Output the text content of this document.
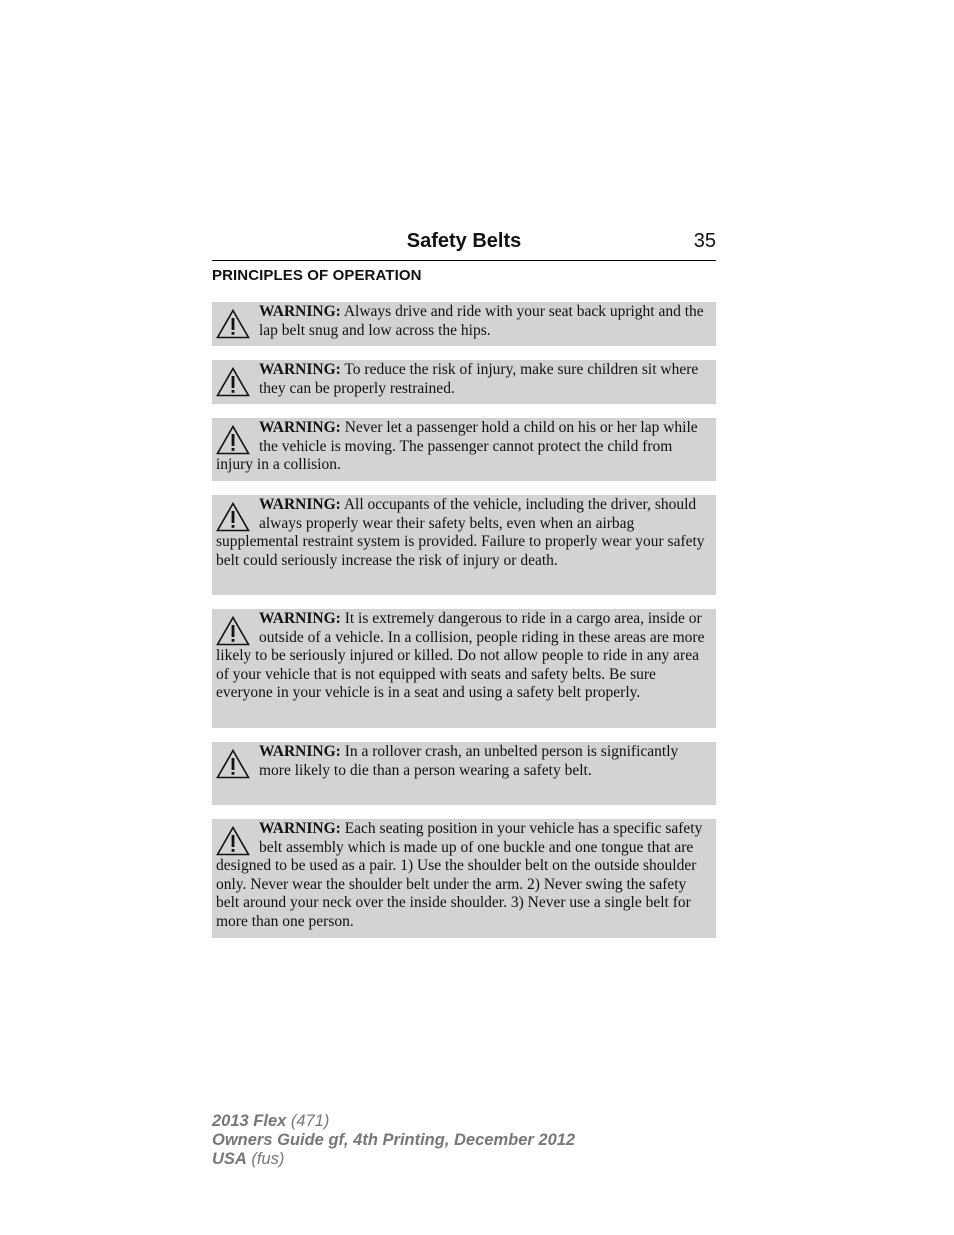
Safety Belts	35
PRINCIPLES OF OPERATION
WARNING: Always drive and ride with your seat back upright and the lap belt snug and low across the hips.
WARNING: To reduce the risk of injury, make sure children sit where they can be properly restrained.
WARNING: Never let a passenger hold a child on his or her lap while the vehicle is moving. The passenger cannot protect the child from injury in a collision.
WARNING: All occupants of the vehicle, including the driver, should always properly wear their safety belts, even when an airbag supplemental restraint system is provided. Failure to properly wear your safety belt could seriously increase the risk of injury or death.
WARNING: It is extremely dangerous to ride in a cargo area, inside or outside of a vehicle. In a collision, people riding in these areas are more likely to be seriously injured or killed. Do not allow people to ride in any area of your vehicle that is not equipped with seats and safety belts. Be sure everyone in your vehicle is in a seat and using a safety belt properly.
WARNING: In a rollover crash, an unbelted person is significantly more likely to die than a person wearing a safety belt.
WARNING: Each seating position in your vehicle has a specific safety belt assembly which is made up of one buckle and one tongue that are designed to be used as a pair. 1) Use the shoulder belt on the outside shoulder only. Never wear the shoulder belt under the arm. 2) Never swing the safety belt around your neck over the inside shoulder. 3) Never use a single belt for more than one person.
2013 Flex (471)
Owners Guide gf, 4th Printing, December 2012
USA (fus)
